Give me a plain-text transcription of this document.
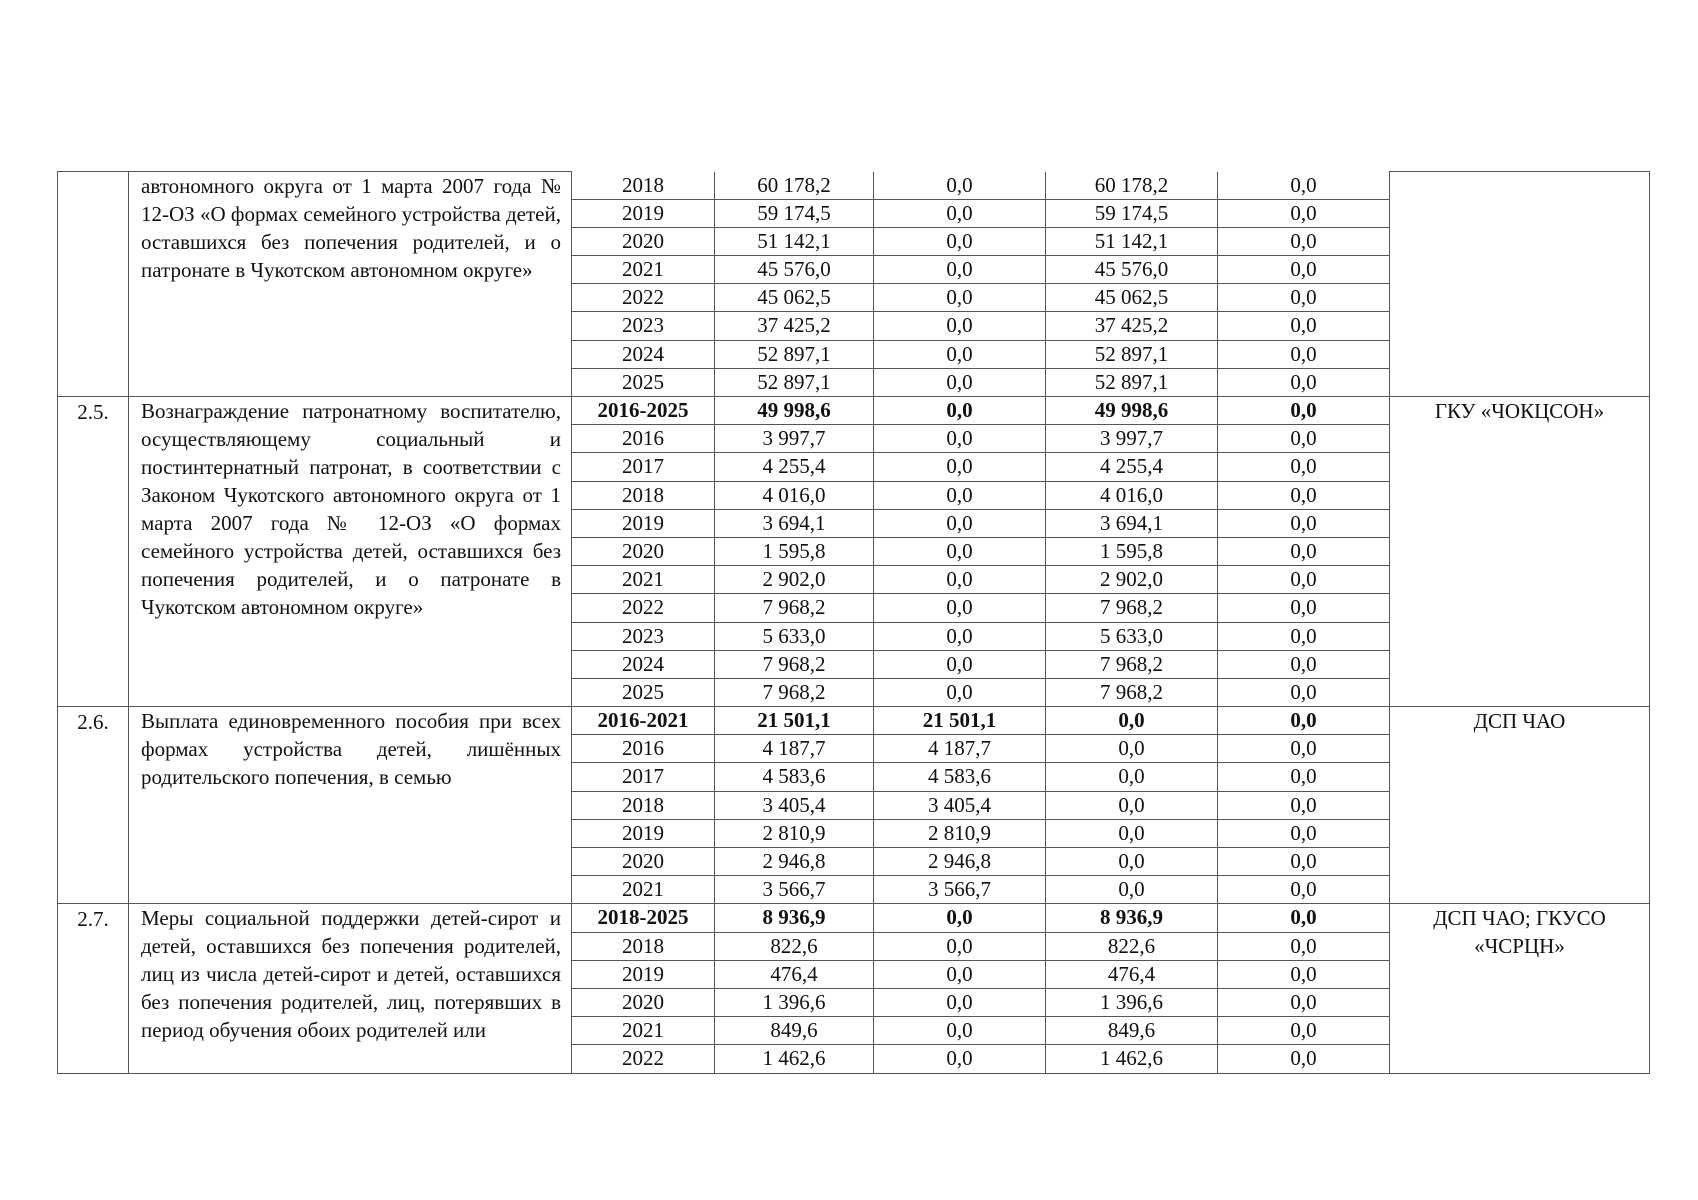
	автономного округа от 1 марта 2007 года № 12-ОЗ «О формах семейного устройства детей, оставшихся без попечения родителей, и о патронате в Чукотском автономном округе»	2018	60 178,2	0,0	60 178,2	0,0	
		2019	59 174,5	0,0	59 174,5	0,0	
		2020	51 142,1	0,0	51 142,1	0,0	
		2021	45 576,0	0,0	45 576,0	0,0	
		2022	45 062,5	0,0	45 062,5	0,0	
		2023	37 425,2	0,0	37 425,2	0,0	
		2024	52 897,1	0,0	52 897,1	0,0	
		2025	52 897,1	0,0	52 897,1	0,0	
2.5.	Вознаграждение патронатному воспитателю, осуществляющему социальный и постинтернатный патронат, в соответствии с Законом Чукотского автономного округа от 1 марта 2007 года № 12-ОЗ «О формах семейного устройства детей, оставшихся без попечения родителей, и о патронате в Чукотском автономном округе»	2016-2025	49 998,6	0,0	49 998,6	0,0	ГКУ «ЧОКЦСОН»
		2016	3 997,7	0,0	3 997,7	0,0	
		2017	4 255,4	0,0	4 255,4	0,0	
		2018	4 016,0	0,0	4 016,0	0,0	
		2019	3 694,1	0,0	3 694,1	0,0	
		2020	1 595,8	0,0	1 595,8	0,0	
		2021	2 902,0	0,0	2 902,0	0,0	
		2022	7 968,2	0,0	7 968,2	0,0	
		2023	5 633,0	0,0	5 633,0	0,0	
		2024	7 968,2	0,0	7 968,2	0,0	
		2025	7 968,2	0,0	7 968,2	0,0	
2.6.	Выплата единовременного пособия при всех формах устройства детей, лишённых родительского попечения, в семью	2016-2021	21 501,1	21 501,1	0,0	0,0	ДСП ЧАО
		2016	4 187,7	4 187,7	0,0	0,0	
		2017	4 583,6	4 583,6	0,0	0,0	
		2018	3 405,4	3 405,4	0,0	0,0	
		2019	2 810,9	2 810,9	0,0	0,0	
		2020	2 946,8	2 946,8	0,0	0,0	
		2021	3 566,7	3 566,7	0,0	0,0	
2.7.	Меры социальной поддержки детей-сирот и детей, оставшихся без попечения родителей, лиц из числа детей-сирот и детей, оставшихся без попечения родителей, лиц, потерявших в период обучения обоих родителей или	2018-2025	8 936,9	0,0	8 936,9	0,0	ДСП ЧАО; ГКУСО «ЧСРЦН»
		2018	822,6	0,0	822,6	0,0	
		2019	476,4	0,0	476,4	0,0	
		2020	1 396,6	0,0	1 396,6	0,0	
		2021	849,6	0,0	849,6	0,0	
		2022	1 462,6	0,0	1 462,6	0,0	
